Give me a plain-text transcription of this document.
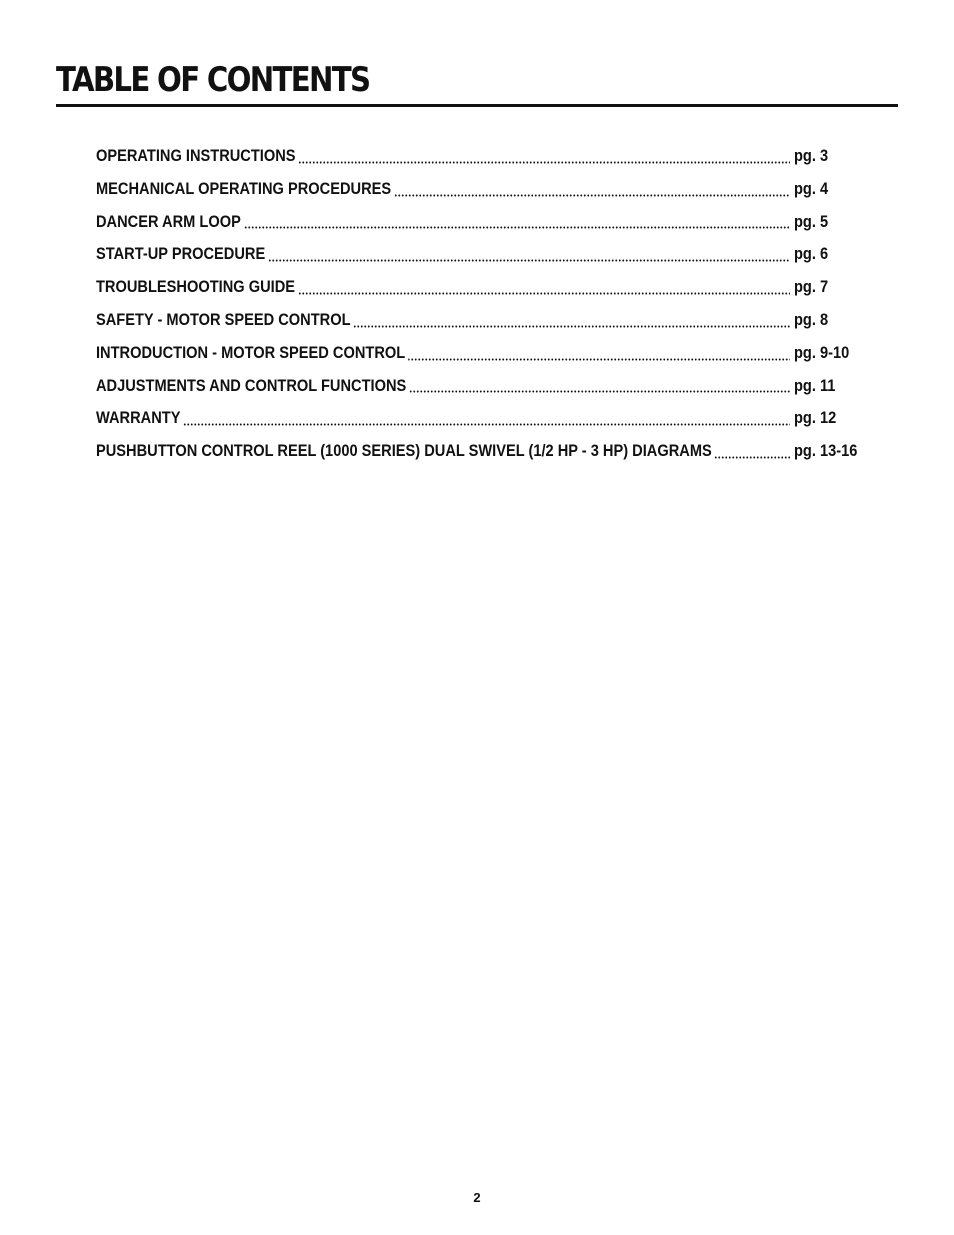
TABLE OF CONTENTS
OPERATING INSTRUCTIONS	pg. 3
MECHANICAL OPERATING PROCEDURES	pg. 4
DANCER ARM LOOP	pg. 5
START-UP PROCEDURE	pg. 6
TROUBLESHOOTING GUIDE	pg. 7
SAFETY - MOTOR SPEED CONTROL	pg. 8
INTRODUCTION - MOTOR SPEED CONTROL	pg. 9-10
ADJUSTMENTS AND CONTROL FUNCTIONS	pg. 11
WARRANTY	pg. 12
PUSHBUTTON CONTROL REEL (1000 SERIES) DUAL SWIVEL (1/2 HP - 3 HP) DIAGRAMS	pg. 13-16
2
